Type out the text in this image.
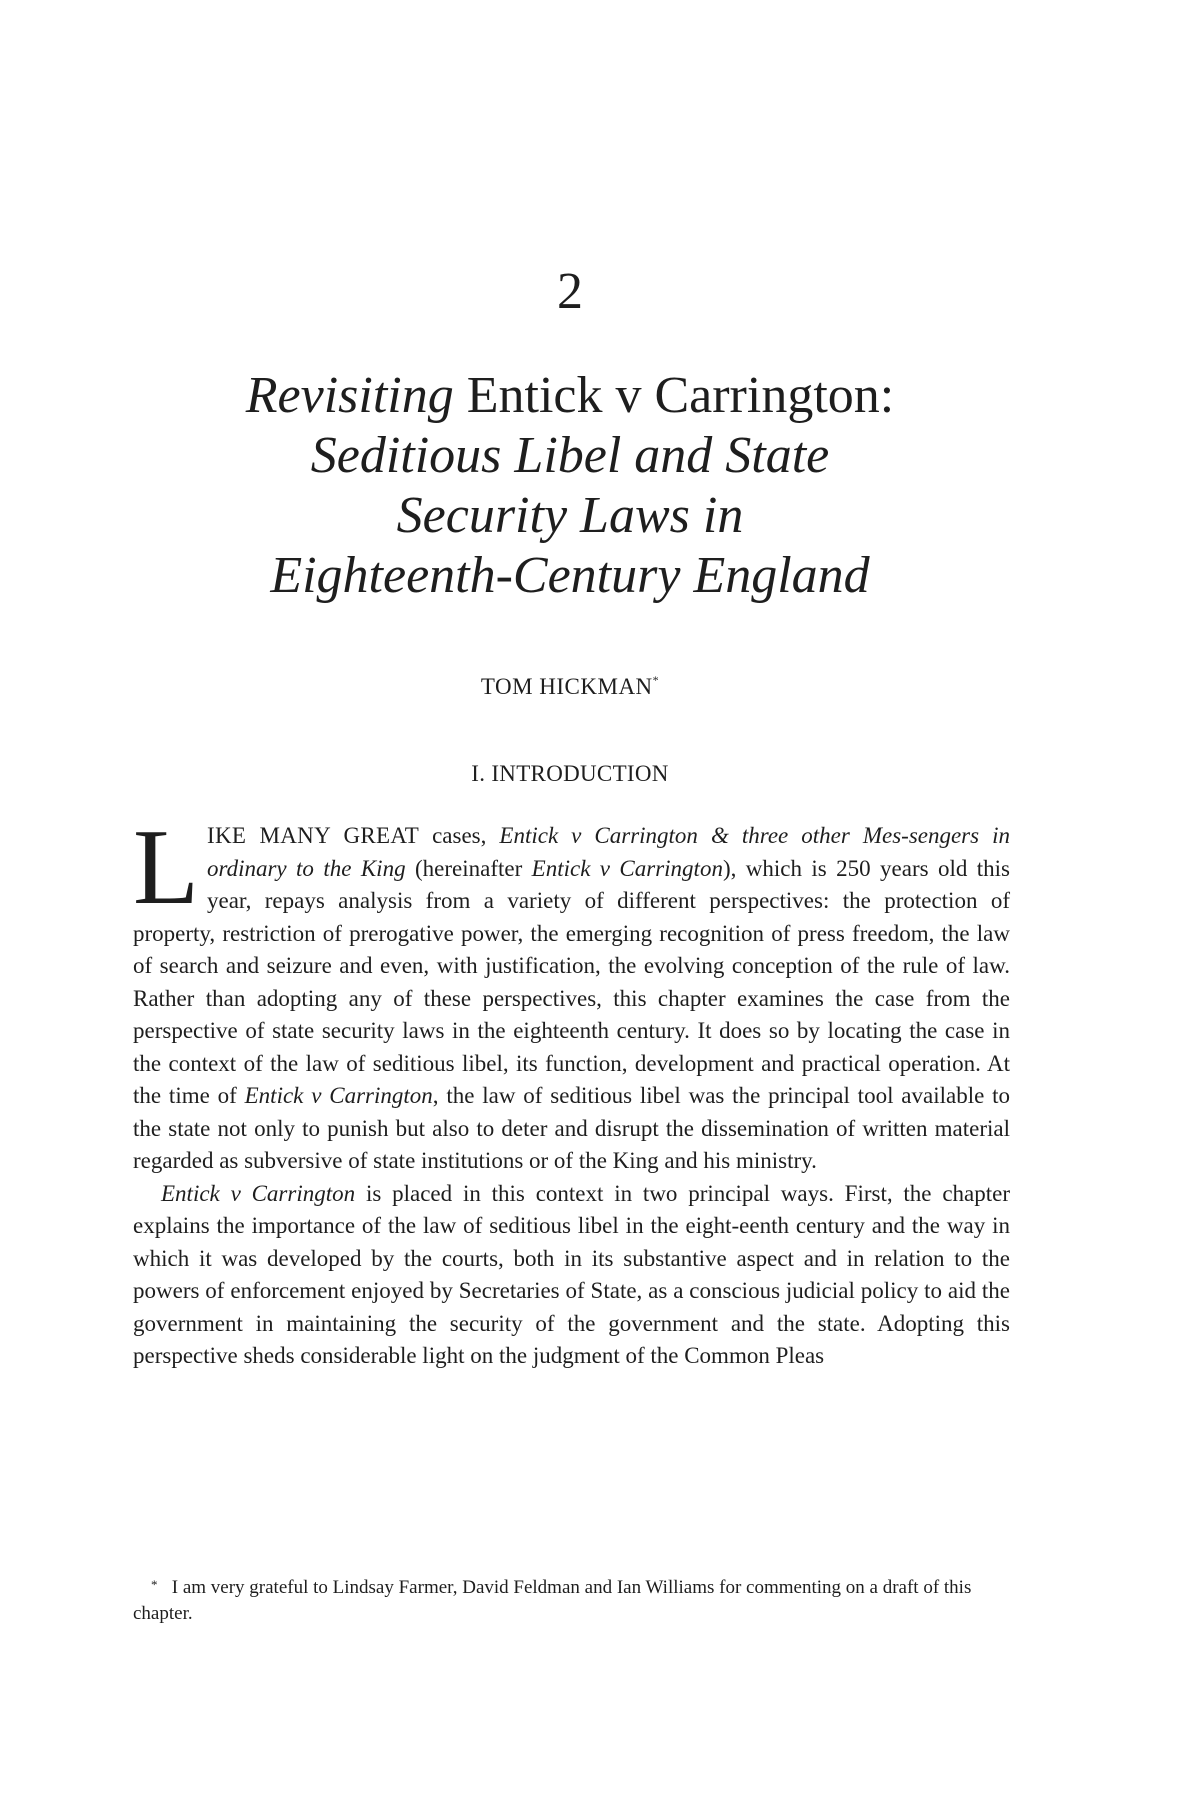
2
Revisiting Entick v Carrington:
Seditious Libel and State
Security Laws in
Eighteenth-Century England
TOM HICKMAN*
I. INTRODUCTION

LIKE MANY GREAT cases, Entick v Carrington & three other Mes-sengers in ordinary to the King (hereinafter Entick v Carrington), which is 250 years old this year, repays analysis from a variety of different perspectives: the protection of property, restriction of prerogative power, the emerging recognition of press freedom, the law of search and seizure and even, with justification, the evolving conception of the rule of law. Rather than adopting any of these perspectives, this chapter examines the case from the perspective of state security laws in the eighteenth century. It does so by locating the case in the context of the law of seditious libel, its function, development and practical operation. At the time of Entick v Carrington, the law of seditious libel was the principal tool available to the state not only to punish but also to deter and disrupt the dissemination of written material regarded as subversive of state institutions or of the King and his ministry.

Entick v Carrington is placed in this context in two principal ways. First, the chapter explains the importance of the law of seditious libel in the eight-eenth century and the way in which it was developed by the courts, both in its substantive aspect and in relation to the powers of enforcement enjoyed by Secretaries of State, as a conscious judicial policy to aid the government in maintaining the security of the government and the state. Adopting this perspective sheds considerable light on the judgment of the Common Pleas

* I am very grateful to Lindsay Farmer, David Feldman and Ian Williams for commenting on a draft of this chapter.
